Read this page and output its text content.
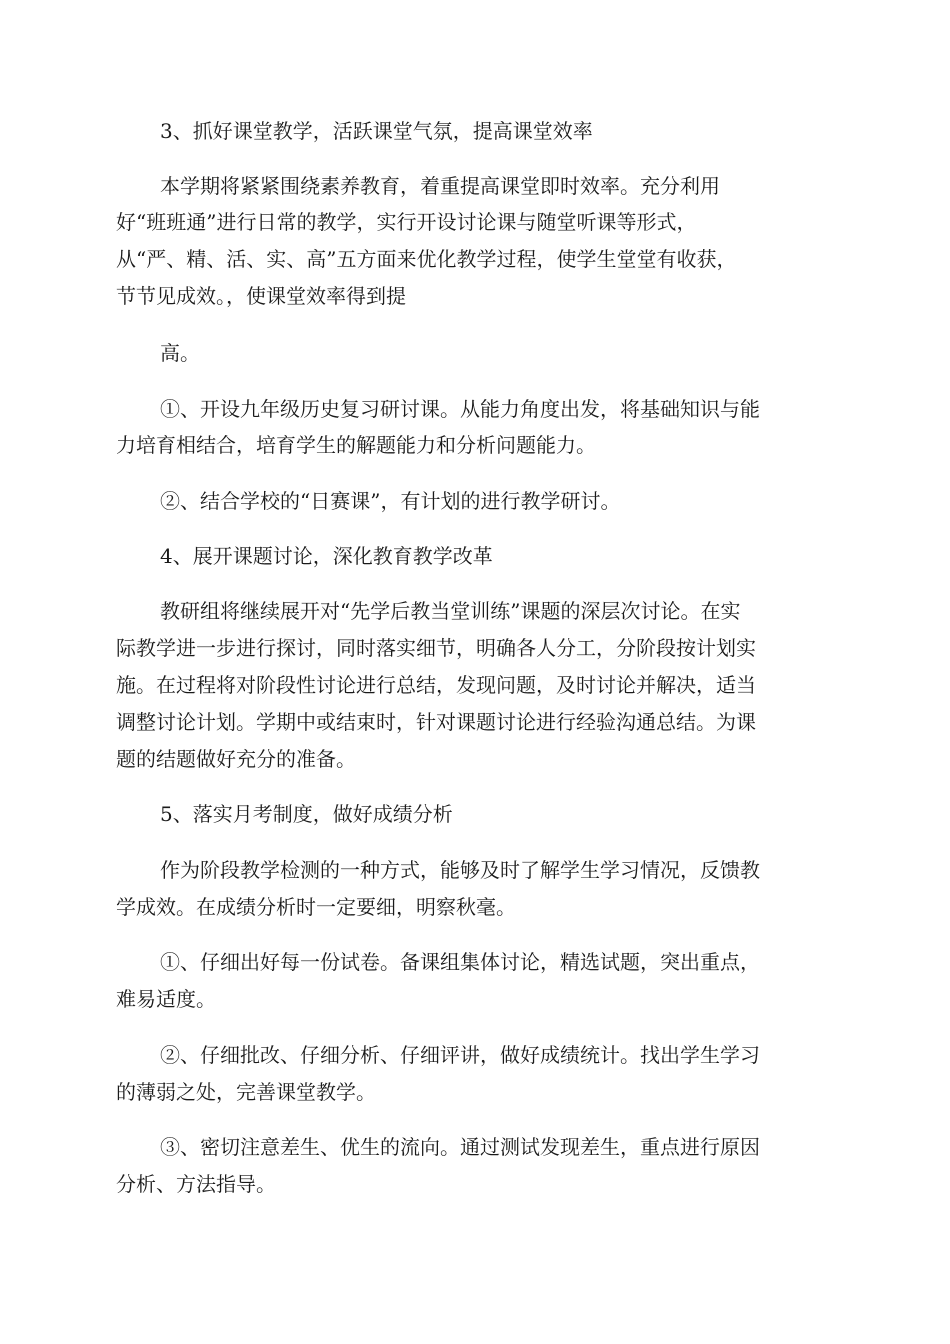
3、抓好课堂教学，活跃课堂气氛，提高课堂效率
本学期将紧紧围绕素养教育，着重提高课堂即时效率。充分利用
好“班班通”进行日常的教学，实行开设讨论课与随堂听课等形式，
从“严、精、活、实、高”五方面来优化教学过程，使学生堂堂有收获，
节节见成效。，使课堂效率得到提
高。
①、开设九年级历史复习研讨课。从能力角度出发，将基础知识与能
力培育相结合，培育学生的解题能力和分析问题能力。
②、结合学校的“日赛课”，有计划的进行教学研讨。
4、展开课题讨论，深化教育教学改革
教研组将继续展开对“先学后教当堂训练”课题的深层次讨论。在实
际教学进一步进行探讨，同时落实细节，明确各人分工，分阶段按计划实
施。在过程将对阶段性讨论进行总结，发现问题，及时讨论并解决，适当
调整讨论计划。学期中或结束时，针对课题讨论进行经验沟通总结。为课
题的结题做好充分的准备。
5、落实月考制度，做好成绩分析
作为阶段教学检测的一种方式，能够及时了解学生学习情况，反馈教
学成效。在成绩分析时一定要细，明察秋毫。
①、仔细出好每一份试卷。备课组集体讨论，精选试题，突出重点，
难易适度。
②、仔细批改、仔细分析、仔细评讲，做好成绩统计。找出学生学习
的薄弱之处，完善课堂教学。
③、密切注意差生、优生的流向。通过测试发现差生，重点进行原因
分析、方法指导。
